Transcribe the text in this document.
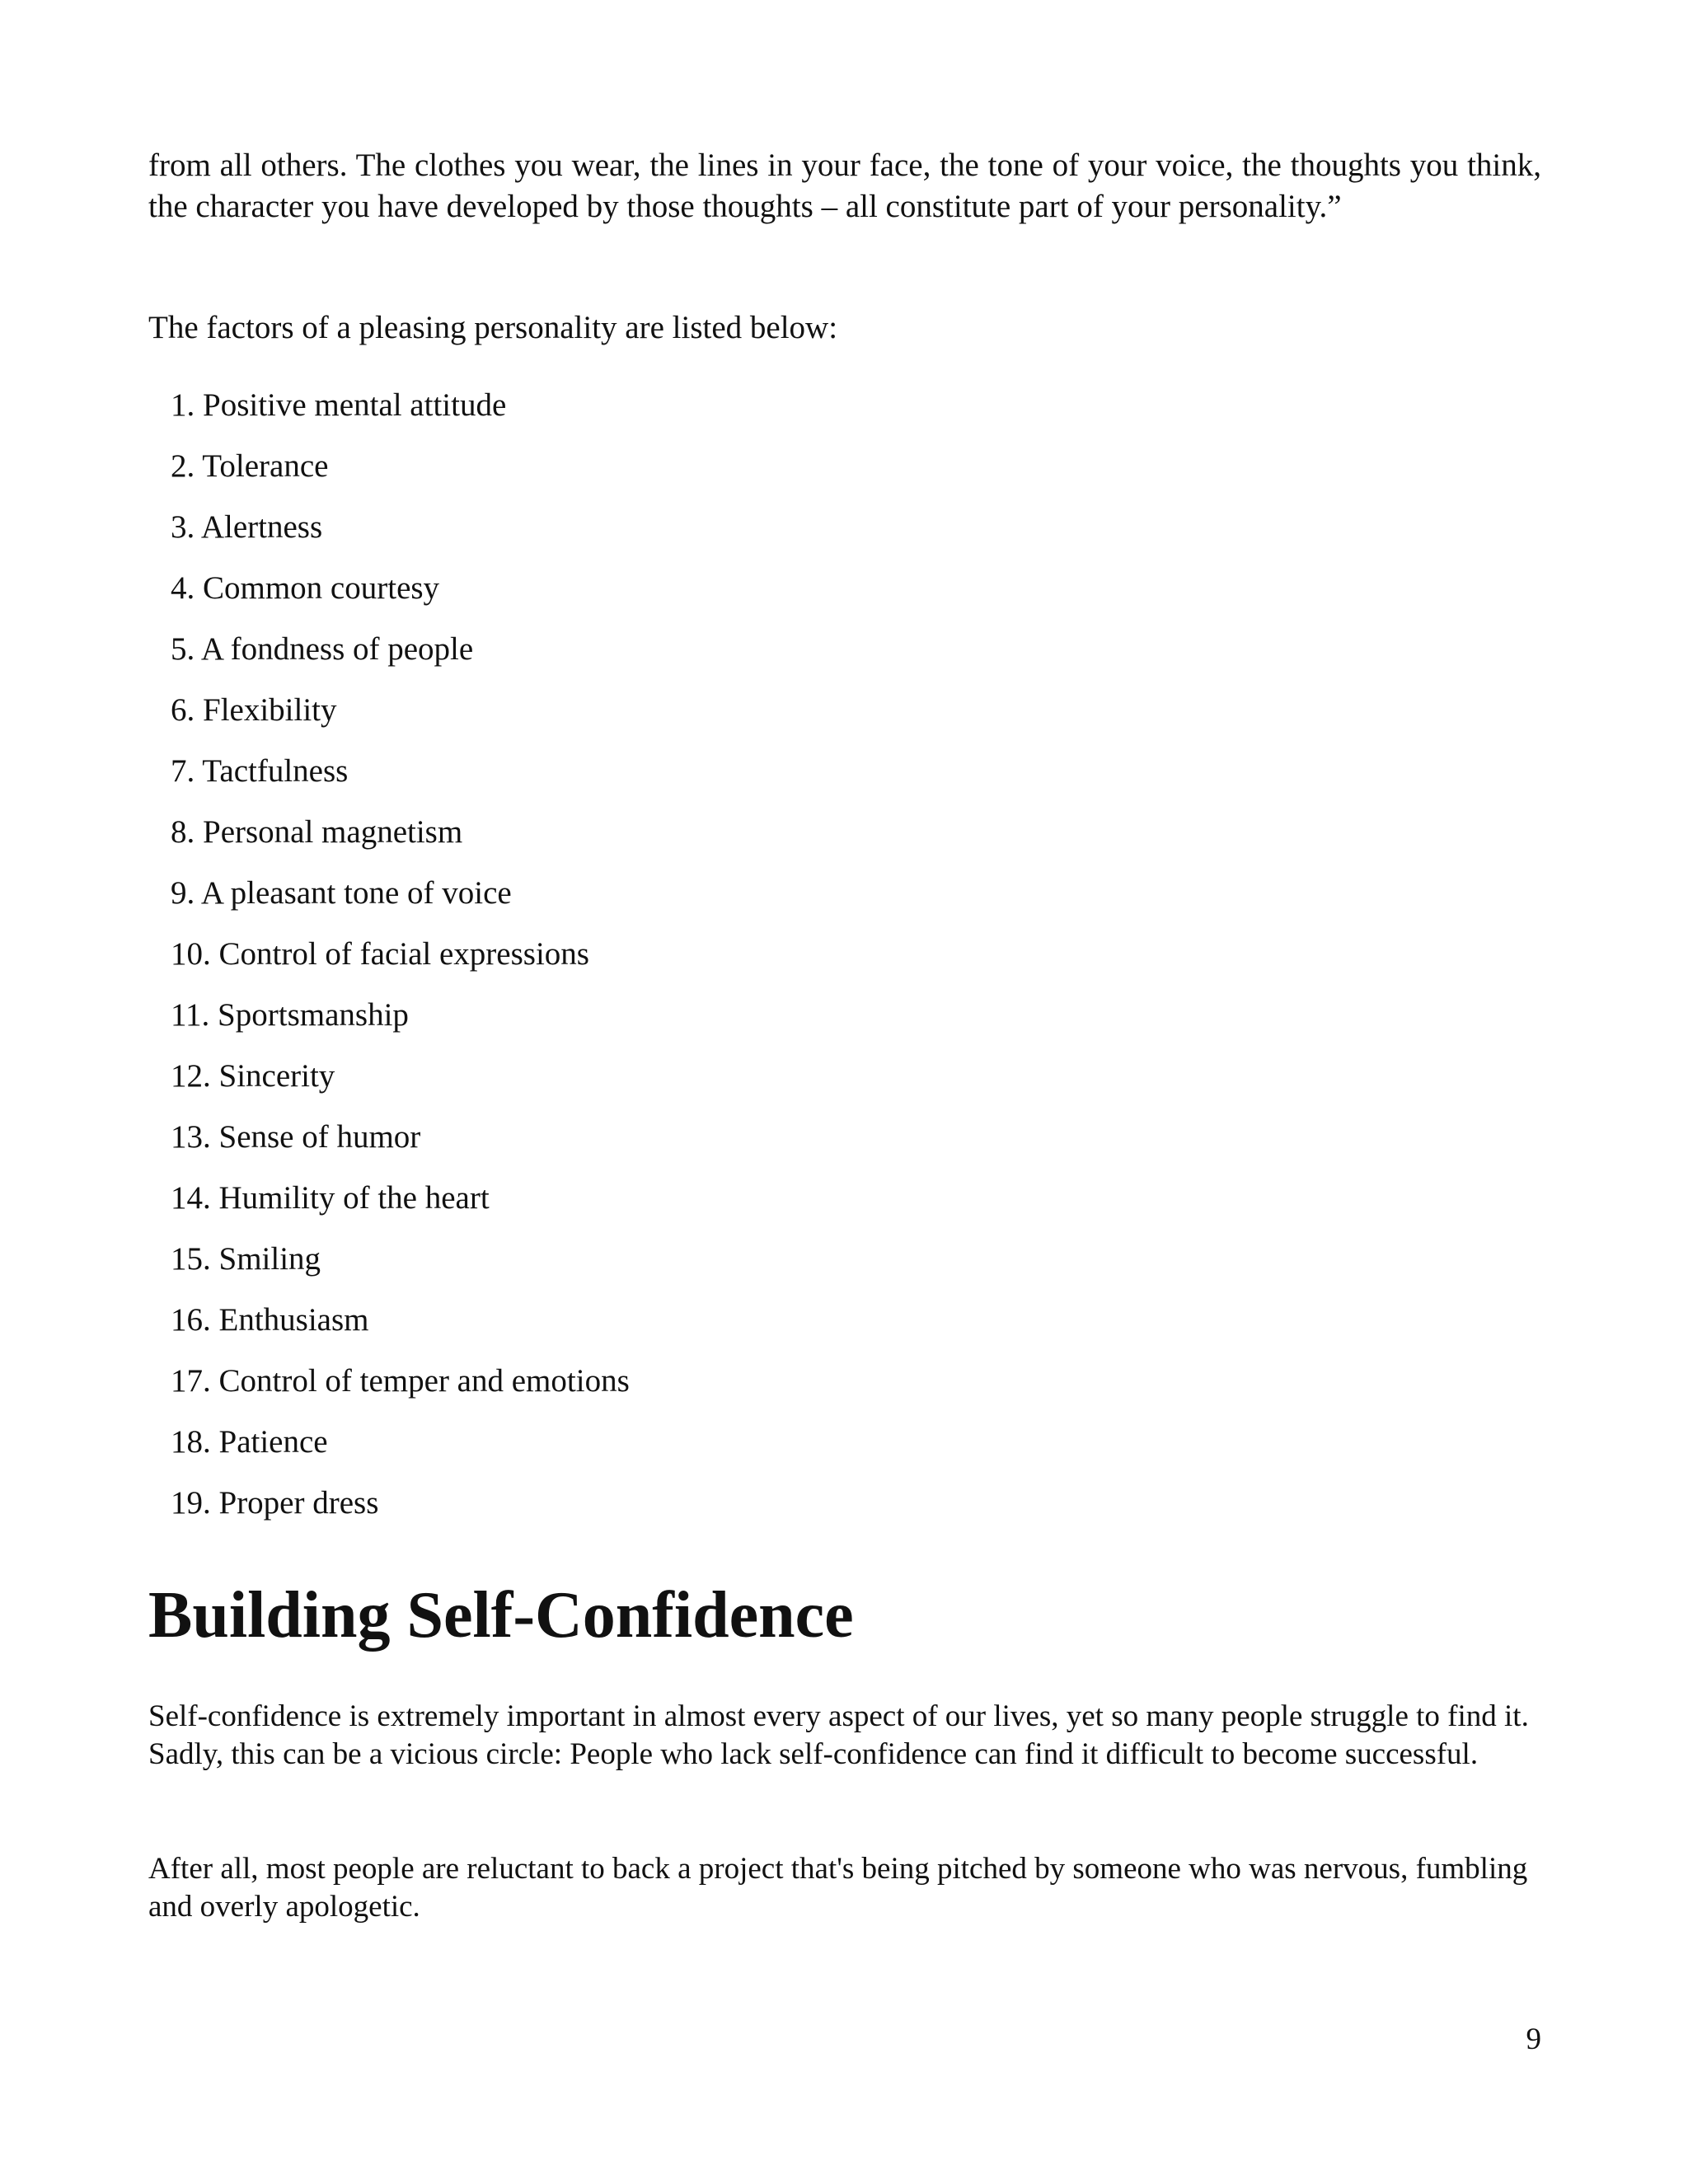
from all others. The clothes you wear, the lines in your face, the tone of your voice, the thoughts you think, the character you have developed by those thoughts – all constitute part of your personality.”

The factors of a pleasing personality are listed below:

1. Positive mental attitude
2. Tolerance
3. Alertness
4. Common courtesy
5. A fondness of people
6. Flexibility
7. Tactfulness
8. Personal magnetism
9. A pleasant tone of voice
10. Control of facial expressions
11. Sportsmanship
12. Sincerity
13. Sense of humor
14. Humility of the heart
15. Smiling
16. Enthusiasm
17. Control of temper and emotions
18. Patience
19. Proper dress
Building Self-Confidence

Self-confidence is extremely important in almost every aspect of our lives, yet so many people struggle to find it. Sadly, this can be a vicious circle: People who lack self-confidence can find it difficult to become successful.

After all, most people are reluctant to back a project that's being pitched by someone who was nervous, fumbling and overly apologetic.

9
